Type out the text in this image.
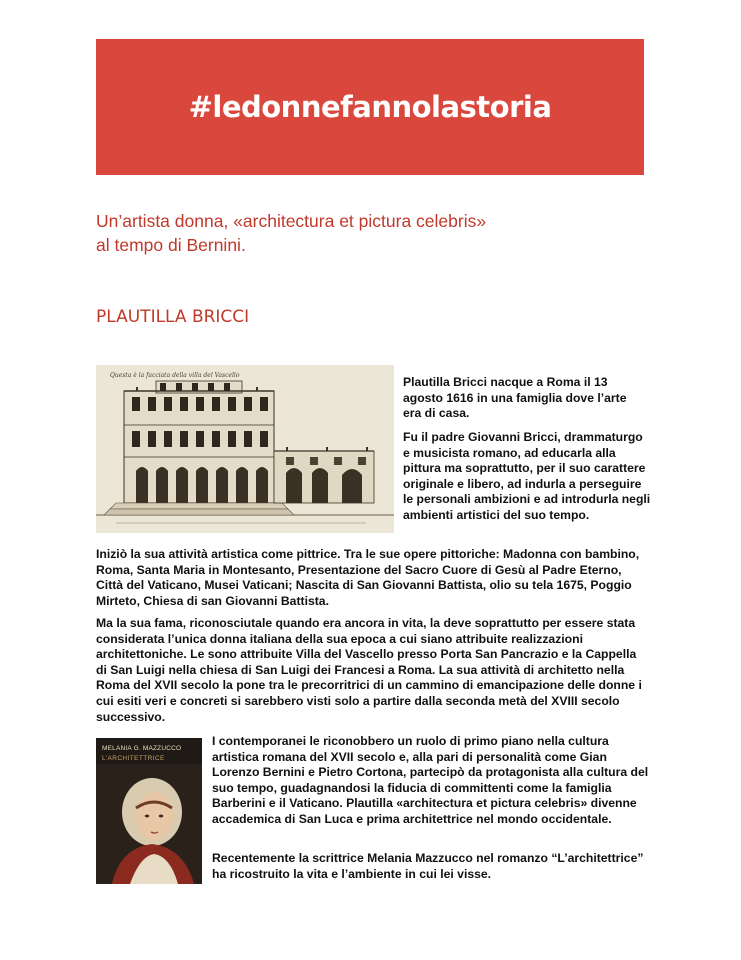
#ledonnefannolastoria
Un’artista donna, «architectura et pictura celebris»
al tempo di Bernini.
PLAUTILLA BRICCI
Questa è la facciata della villa del Vascello	Plautilla Bricci nacque a Roma il 13 agosto 1616 in una famiglia dove l’arte era di casa.
Fu il padre Giovanni Bricci, drammaturgo e musicista romano, ad educarla alla pittura ma soprattutto, per il suo carattere originale e libero, ad indurla a perseguire le personali ambizioni e ad introdurla negli ambienti artistici del suo tempo.
Iniziò la sua attività artistica come pittrice. Tra le sue opere pittoriche: Madonna con bambino, Roma, Santa Maria in Montesanto, Presentazione del Sacro Cuore di Gesù al Padre Eterno, Città del Vaticano, Musei Vaticani; Nascita di San Giovanni Battista, olio su tela 1675, Poggio Mirteto, Chiesa di san Giovanni Battista.
Ma la sua fama, riconosciutale quando era ancora in vita, la deve soprattutto per essere stata considerata l’unica donna italiana della sua epoca a cui siano attribuite realizzazioni architettoniche. Le sono attribuite Villa del Vascello presso Porta San Pancrazio e la Cappella di San Luigi nella chiesa di San Luigi dei Francesi a Roma. La sua attività di architetto nella Roma del XVII secolo la pone tra le precorritrici di un cammino di emancipazione delle donne i cui esiti veri e concreti si sarebbero visti solo a partire dalla seconda metà del XVIII secolo successivo.
MELANIA G. MAZZUCCO
L’ARCHITETTRICE
I contemporanei le riconobbero un ruolo di primo piano nella cultura artistica romana del XVII secolo e, alla pari di personalità come Gian Lorenzo Bernini e Pietro Cortona, partecipò da protagonista alla cultura del suo tempo, guadagnandosi la fiducia di committenti come la famiglia Barberini e il Vaticano. Plautilla «architectura et pictura celebris» divenne accademica di San Luca e prima architettrice nel mondo occidentale.
Recentemente la scrittrice Melania Mazzucco nel romanzo “L’architettrice” ha ricostruito la vita e l’ambiente in cui lei visse.
